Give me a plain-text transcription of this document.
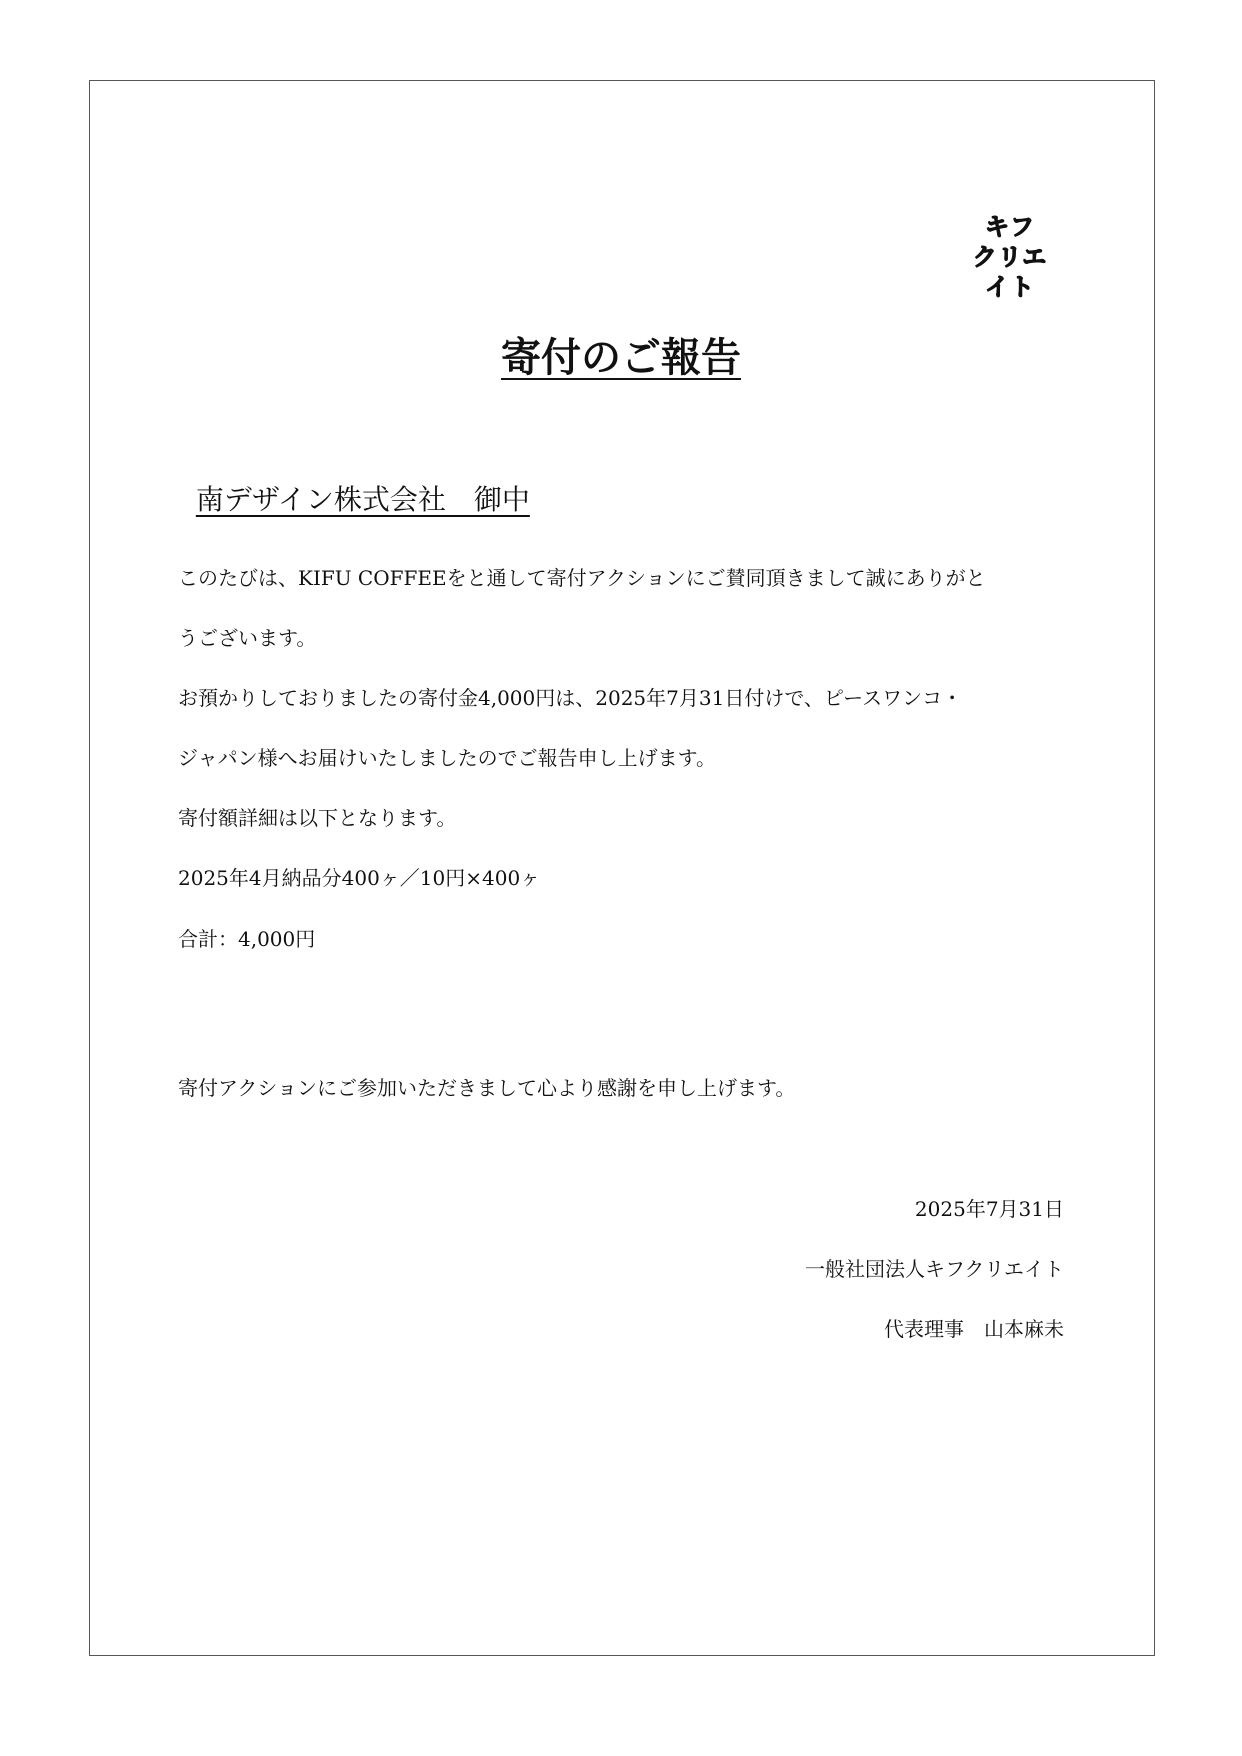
キフ
クリエ
イト
寄付のご報告

南デザイン株式会社　御中

このたびは、KIFU COFFEEをと通して寄付アクションにご賛同頂きまして誠にありがと
うございます。
お預かりしておりましたの寄付金4,000円は、2025年7月31日付けで、ピースワンコ・
ジャパン様へお届けいたしましたのでご報告申し上げます。
寄付額詳細は以下となります。
2025年4月納品分400ヶ／10円×400ヶ
合計：4,000円
寄付アクションにご参加いただきまして心より感謝を申し上げます。
2025年7月31日
一般社団法人キフクリエイト
代表理事　山本麻未
